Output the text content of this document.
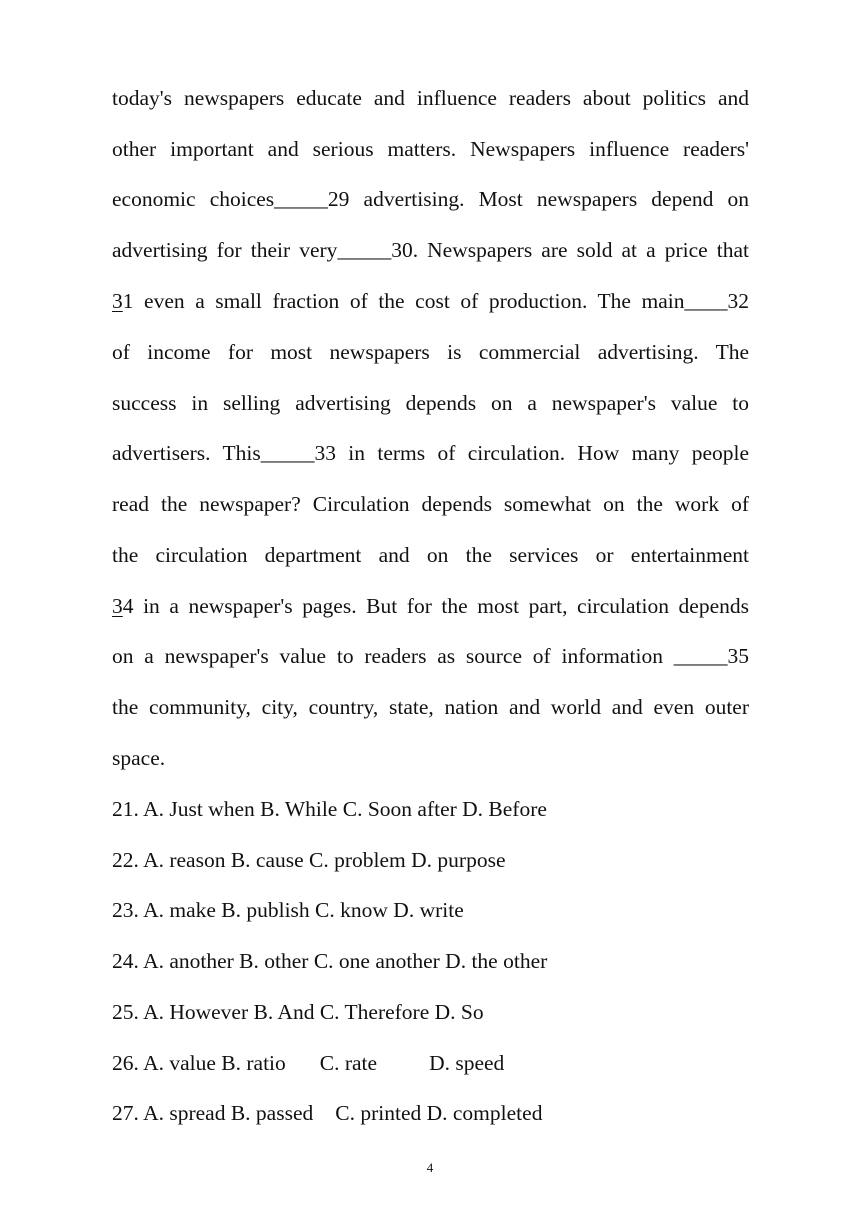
today's newspapers educate and influence readers about politics and
other important and serious matters. Newspapers influence readers'
economic choices_____29 advertising. Most newspapers depend on
advertising for their very_____30. Newspapers are sold at a price that
31 even a small fraction of the cost of production. The main____32
of income for most newspapers is commercial advertising. The
success in selling advertising depends on a newspaper's value to
advertisers. This_____33 in terms of circulation. How many people
read the newspaper? Circulation depends somewhat on the work of
the circulation department and on the services or entertainment
34 in a newspaper's pages. But for the most part, circulation depends
on a newspaper's value to readers as source of information _____35
the community, city, country, state, nation and world and even outer
space.
21. A. Just when B. While C. Soon after D. Before
22. A. reason B. cause C. problem D. purpose
23. A. make B. publish C. know D. write
24. A. another B. other C. one another D. the other
25. A. However B. And C. Therefore D. So
26. A. value B. ratio C. rate D. speed
27. A. spread B. passed C. printed D. completed
4
